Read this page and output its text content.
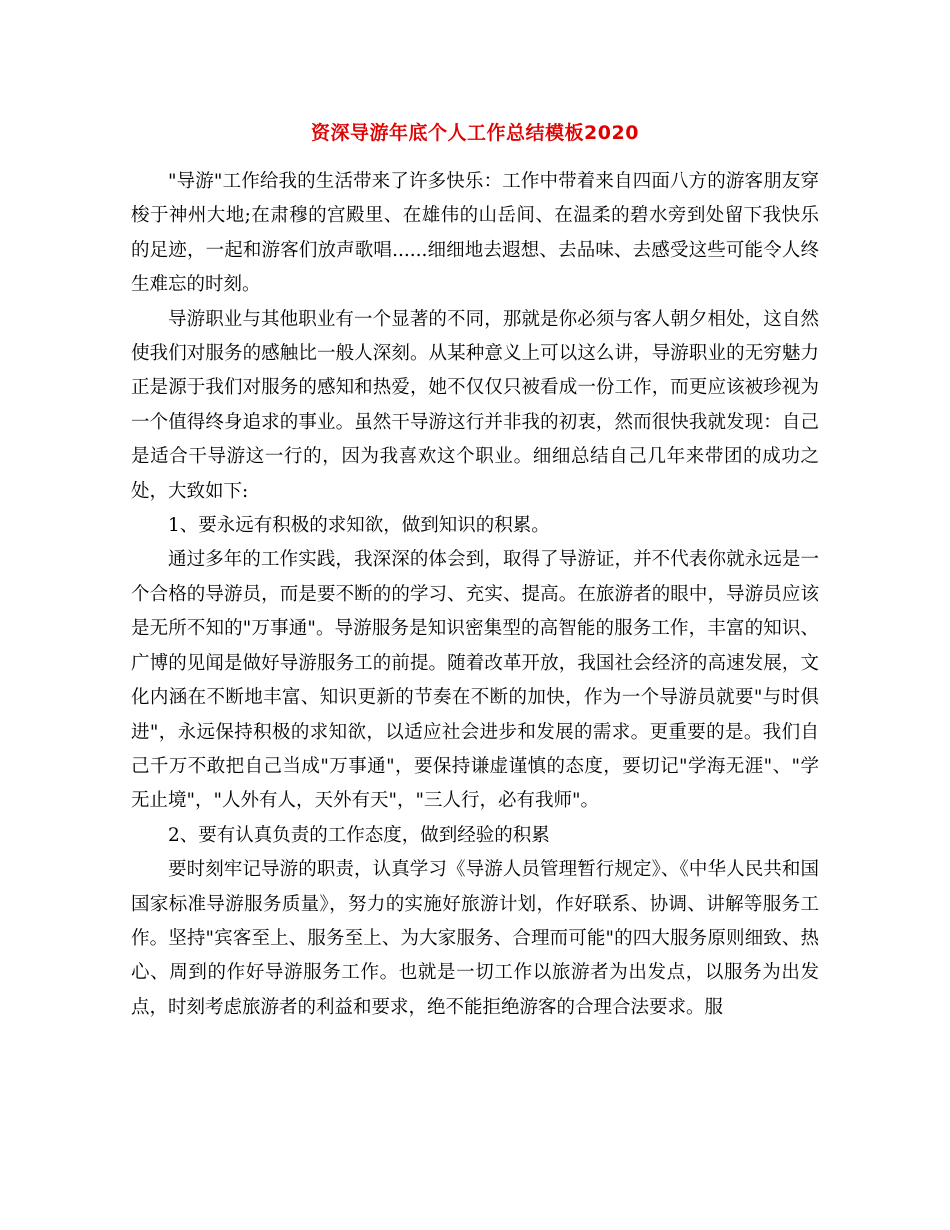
资深导游年底个人工作总结模板2020

"导游"工作给我的生活带来了许多快乐：工作中带着来自四面八方的游客朋友穿梭于神州大地;在肃穆的宫殿里、在雄伟的山岳间、在温柔的碧水旁到处留下我快乐的足迹，一起和游客们放声歌唱......细细地去遐想、去品味、去感受这些可能令人终生难忘的时刻。

导游职业与其他职业有一个显著的不同，那就是你必须与客人朝夕相处，这自然使我们对服务的感触比一般人深刻。从某种意义上可以这么讲，导游职业的无穷魅力正是源于我们对服务的感知和热爱，她不仅仅只被看成一份工作，而更应该被珍视为一个值得终身追求的事业。虽然干导游这行并非我的初衷，然而很快我就发现：自己是适合干导游这一行的，因为我喜欢这个职业。细细总结自己几年来带团的成功之处，大致如下:

1、要永远有积极的求知欲，做到知识的积累。

通过多年的工作实践，我深深的体会到，取得了导游证，并不代表你就永远是一个合格的导游员，而是要不断的的学习、充实、提高。在旅游者的眼中，导游员应该是无所不知的"万事通"。导游服务是知识密集型的高智能的服务工作，丰富的知识、广博的见闻是做好导游服务工的前提。随着改革开放，我国社会经济的高速发展，文化内涵在不断地丰富、知识更新的节奏在不断的加快，作为一个导游员就要"与时俱进"，永远保持积极的求知欲，以适应社会进步和发展的需求。更重要的是。我们自己千万不敢把自己当成"万事通"，要保持谦虚谨慎的态度，要切记"学海无涯"、"学无止境"，"人外有人，天外有天"，"三人行，必有我师"。

2、要有认真负责的工作态度，做到经验的积累

要时刻牢记导游的职责，认真学习《导游人员管理暂行规定》、《中华人民共和国国家标准导游服务质量》，努力的实施好旅游计划，作好联系、协调、讲解等服务工作。坚持"宾客至上、服务至上、为大家服务、合理而可能"的四大服务原则细致、热心、周到的作好导游服务工作。也就是一切工作以旅游者为出发点，以服务为出发点，时刻考虑旅游者的利益和要求，绝不能拒绝游客的合理合法要求。服
